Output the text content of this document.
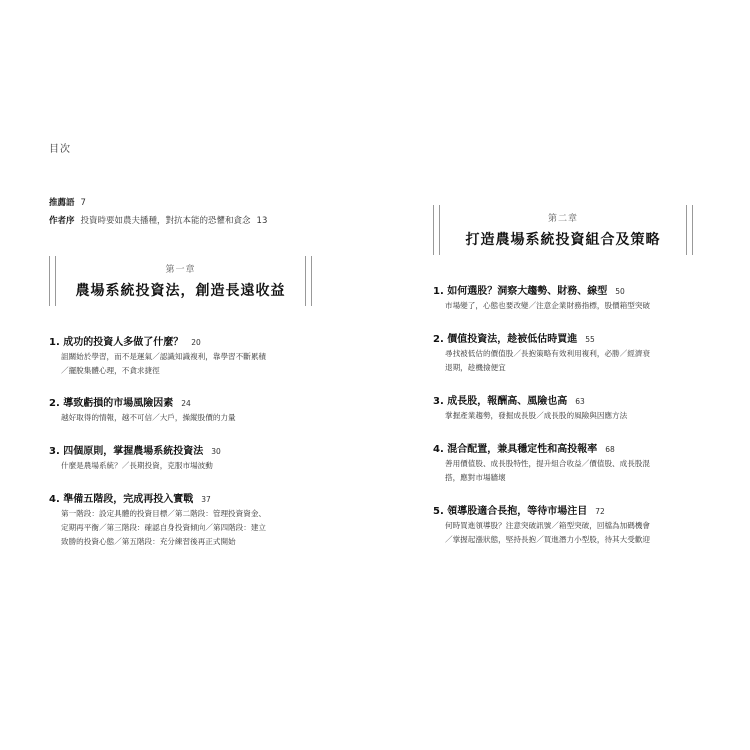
目次
推薦語 7
作者序 投資時要如農夫播種，對抗本能的恐懼和貪念 13
第一章
農場系統投資法，創造長遠收益
1. 成功的投資人多做了什麼？ 20
詛關始於學習，而不是運氣／認識知識複利，靠學習不斷累積
／擺脫集體心理，不貪求捷徑
2. 導致虧損的市場風險因素 24
越好取得的情報，越不可信／大戶，操縱股價的力量
3. 四個原則，掌握農場系統投資法 30
什麼是農場系統？／長期投資，克服市場波動
4. 準備五階段，完成再投入實戰 37
第一階段：設定具體的投資目標／第二階段：管理投資資金、
定期再平衡／第三階段：確認自身投資傾向／第四階段：建立
致勝的投資心態／第五階段：充分練習後再正式開始
第二章
打造農場系統投資組合及策略
1. 如何選股？洞察大趨勢、財務、線型 50
市場變了，心態也要改變／注意企業財務指標，股價箱型突破
2. 價值投資法，趁被低估時買進 55
尋找被低估的價值股／長抱策略有效利用複利，必勝／經濟衰
退期，趁機撿便宜
3. 成長股，報酬高、風險也高 63
掌握產業趨勢，發掘成長股／成長股的風險與因應方法
4. 混合配置，兼具穩定性和高投報率 68
善用價值股、成長股特性，提升組合收益／價值股、成長股混
搭，應對市場牆壞
5. 領導股適合長抱，等待市場注目 72
何時買進領導股？注意突破訊號／箱型突破，回檔為加碼機會
／掌握起漲狀態，堅持長抱／買進潛力小型股，待其大受歡迎
